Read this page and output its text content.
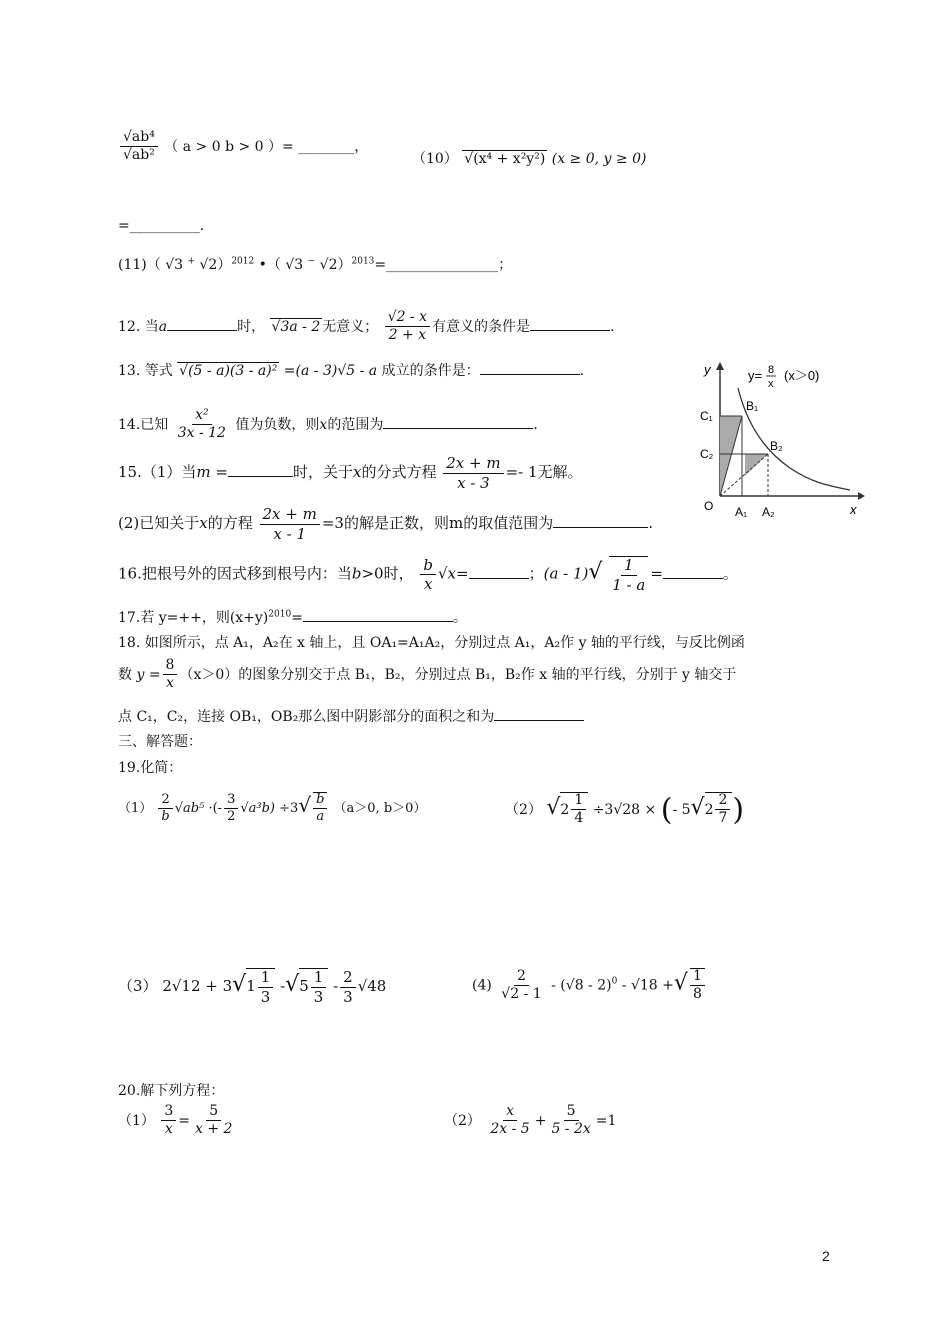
$\frac{\text{√ab⁴}}{\text{√ab²}}$ （ a > 0 b > 0 ）= ________，
（10） √(x⁴ + x²y²) (x ≥ 0, y ≥ 0)
=__________.
(11)（ √3 + √2）$^{2012}$ •（ √3 − √2）$^{2013}$=________________；
12. 当a	时， √3a - 2 无意义； $\frac{√2 - x}{2 + x}$ 有意义的条件是	.
13. 等式 √(5 - a)(3 - a)² =(a - 3)√5 - a 成立的条件是：	.
14.已知 $\frac{\text{x²}}{3x - 12}$ 值为负数，则x的范围为	.
15.（1）当m =	时，关于x的分式方程 $\frac{2x + m}{x - 3} =- 1$无解。
(2)已知关于x的方程 $\frac{2x + m}{x - 1} =3$的解是正数，则m的取值范围为	.
16.把根号外的因式移到根号内：当b>0时， $\frac{b}{x} √x=$	；$(a - 1)√ \frac{1}{1 - a}$ =	。
17.若 y=++，则$(x+y)^{2010}=$	。
18. 如图所示，点 A₁，A₂在 x 轴上，且 OA₁=A₁A₂，分别过点 A₁，A₂作 y 轴的平行线，与反比例函
数 $y = \frac{8}{x} (x>0)$的图象分别交于点 B₁，B₂，分别过点 B₁，B₂作 x 轴的平行线，分别于 y 轴交于
点 C₁，C₂，连接 OB₁，OB₂那么图中阴影部分的面积之和为
三、解答题：
19.化简：
$(1) \frac{2}{b} √ab^5$ ·(- $\frac{3}{2} √a^3b) \div 3√ \frac{b}{a} (a>0$, b＞0）	（2） $√2 \frac{1}{4} \div 3√28$ × (- $5√2 \frac{2}{7}$ )
（3） $2√12 + 3√1 \frac{1}{3} -√5 \frac{1}{3} - \frac{2}{3} √48$	$(4) \frac{2}{√2 - 1} - (√8 - 2)^0 - √18$ +√ $\frac{1}{8}$
20.解下列方程：
$(1) \frac{3}{x} = \frac{5}{x + 2}$	$(2) \frac{x}{2x - 5} + \frac{5}{5 - 2x} =1$
y
x
O A₁ A₂
B₁
B₂
C₁
C₂
y= 8
x
(x＞0)
2
